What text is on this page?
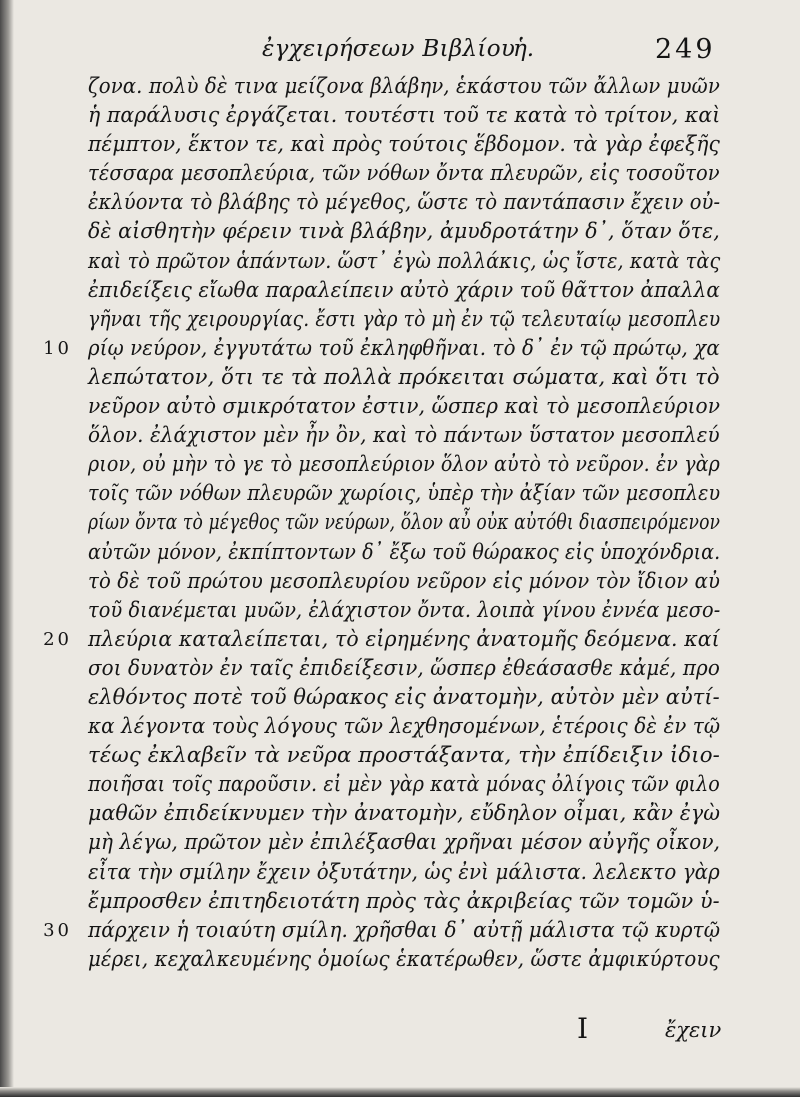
ἐγχειρήσεων Βιβλίου
ἡ.	249
ζονα. πολὺ δὲ τινα μείζονα βλάβην, ἑκάστου τῶν ἄλλων μυῶν
ἡ παράλυσις ἐργάζεται. τουτέστι τοῦ τε κατὰ τὸ τρίτον, καὶ
πέμπτον, ἕκτον τε, καὶ πρὸς τούτοις ἕβδομον. τὰ γὰρ ἐφεξῆς
τέσσαρα μεσοπλεύρια, τῶν νόθων ὄντα πλευρῶν, εἰς τοσοῦτον
ἐκλύοντα τὸ βλάβης τὸ μέγεθος, ὥστε τὸ παντάπασιν ἔχειν οὐ-
δὲ αἰσθητὴν φέρειν τινὰ βλάβην, ἀμυδροτάτην δ᾽, ὅταν ὅτε,
καὶ τὸ πρῶτον ἁπάντων. ὥστ᾽ ἐγὼ πολλάκις, ὡς ἴστε, κατὰ τὰς
ἐπιδείξεις εἴωθα παραλείπειν αὐτὸ χάριν τοῦ θᾶττον ἀπαλλα
γῆναι τῆς χειρουργίας. ἔστι γὰρ τὸ μὴ ἐν τῷ τελευταίῳ μεσοπλευ
10 ρίῳ νεύρον, ἐγγυτάτω τοῦ ἐκληφθῆναι. τὸ δ᾽ ἐν τῷ πρώτῳ, χα
λεπώτατον, ὅτι τε τὰ πολλὰ πρόκειται σώματα, καὶ ὅτι τὸ
νεῦρον αὐτὸ σμικρότατον ἐστιν, ὥσπερ καὶ τὸ μεσοπλεύριον
ὅλον. ἐλάχιστον μὲν ἦν ὂν, καὶ τὸ πάντων ὕστατον μεσοπλεύ
ριον, οὐ μὴν τὸ γε τὸ μεσοπλεύριον ὅλον αὐτὸ τὸ νεῦρον. ἐν γὰρ
τοῖς τῶν νόθων πλευρῶν χωρίοις, ὑπὲρ τὴν ἀξίαν τῶν μεσοπλευ
ρίων ὄντα τὸ μέγεθος τῶν νεύρων, ὅλον αὖ οὐκ αὐτόθι διασπειρόμενον
αὐτῶν μόνον, ἐκπίπτοντων δ᾽ ἔξω τοῦ θώρακος εἰς ὑποχόνδρια.
τὸ δὲ τοῦ πρώτου μεσοπλευρίου νεῦρον εἰς μόνον τὸν ἴδιον αὐ
τοῦ διανέμεται μυῶν, ἐλάχιστον ὄντα. λοιπὰ γίνου ἐννέα μεσο-
20 πλεύρια καταλείπεται, τὸ εἰρημένης ἀνατομῆς δεόμενα. καί
σοι δυνατὸν ἐν ταῖς ἐπιδείξεσιν, ὥσπερ ἐθεάσασθε κἀμέ, προ
ελθόντος ποτὲ τοῦ θώρακος εἰς ἀνατομὴν, αὐτὸν μὲν αὐτί-
κα λέγοντα τοὺς λόγους τῶν λεχθησομένων, ἑτέροις δὲ ἐν τῷ
τέως ἐκλαβεῖν τὰ νεῦρα προστάξαντα, τὴν ἐπίδειξιν ἰδιο-
ποιῆσαι τοῖς παροῦσιν. εἰ μὲν γὰρ κατὰ μόνας ὀλίγοις τῶν φιλο
μαθῶν ἐπιδείκνυμεν τὴν ἀνατομὴν, εὔδηλον οἶμαι, κἂν ἐγὼ
μὴ λέγω, πρῶτον μὲν ἐπιλέξασθαι χρῆναι μέσον αὐγῆς οἶκον,
εἶτα τὴν σμίλην ἔχειν ὀξυτάτην, ὡς ἐνὶ μάλιστα. λελεκτο γὰρ
ἔμπροσθεν ἐπιτηδειοτάτη πρὸς τὰς ἀκριβείας τῶν τομῶν ὑ-
30 πάρχειν ἡ τοιαύτη σμίλη. χρῆσθαι δ᾽ αὐτῇ μάλιστα τῷ κυρτῷ
μέρει, κεχαλκευμένης ὁμοίως ἑκατέρωθεν, ὥστε ἀμφικύρτους
I	ἔχειν
